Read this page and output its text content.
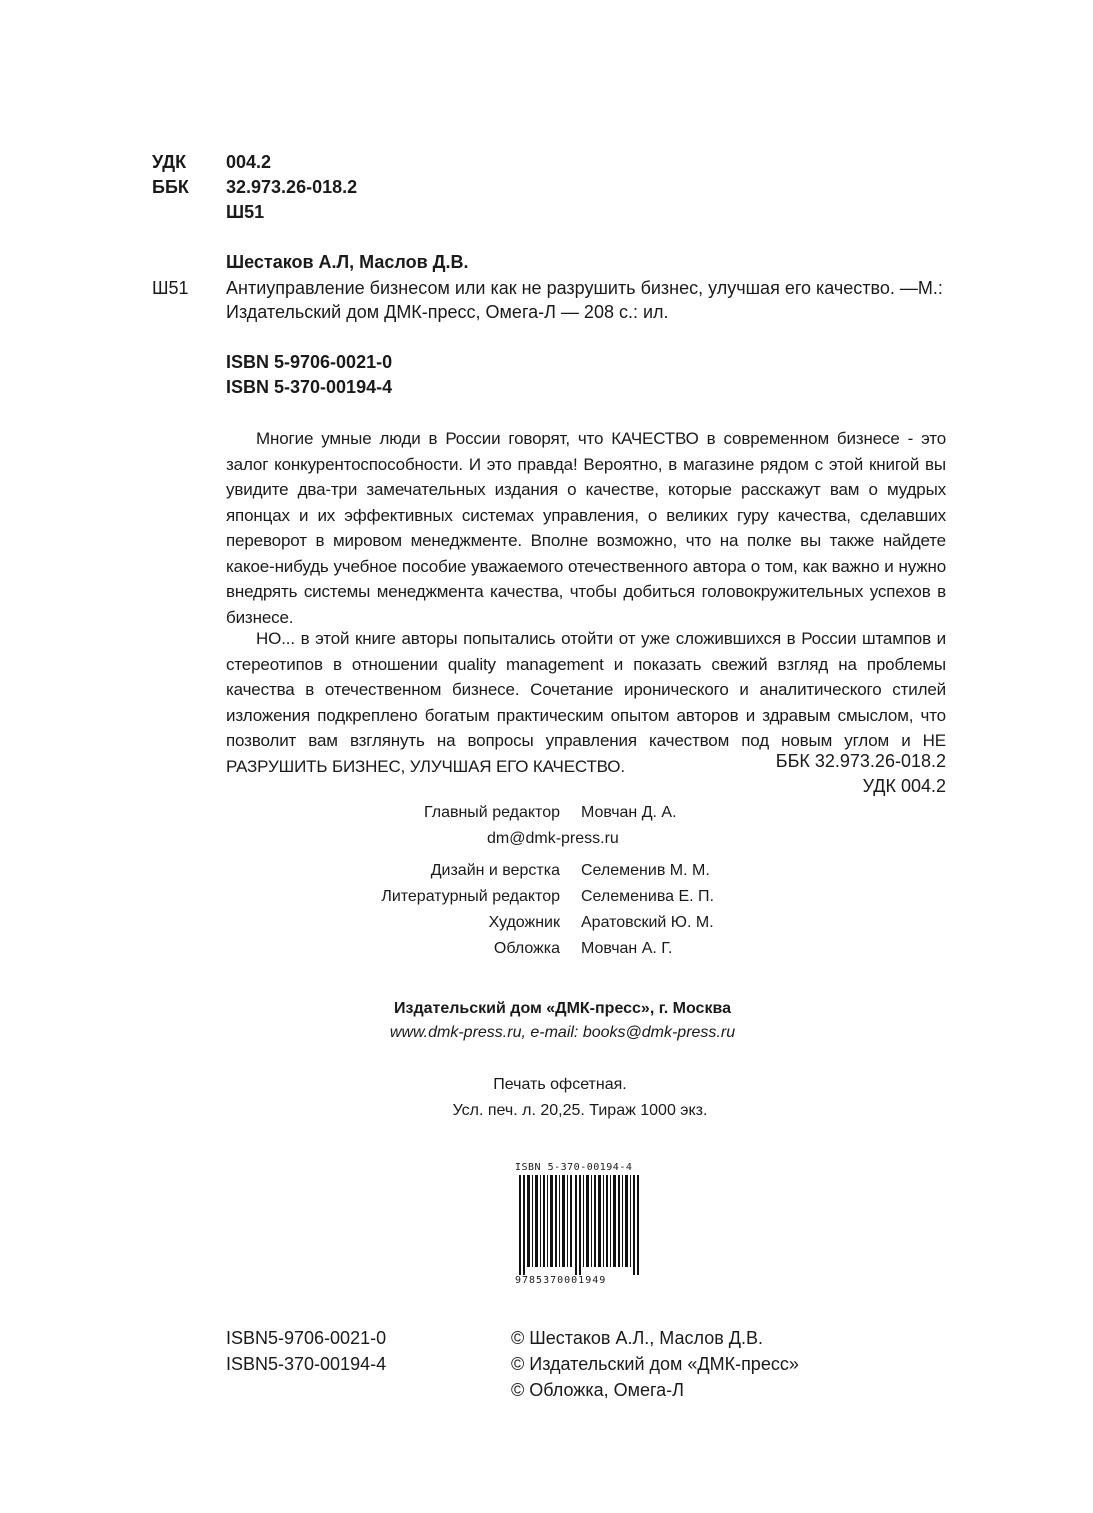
УДК 004.2
ББК 32.973.26-018.2
Ш51
Шестаков А.Л, Маслов Д.В.
Ш51 Антиуправление бизнесом или как не разрушить бизнес, улучшая его качество. —М.:
Издательский дом ДМК-пресс, Омега-Л — 208 с.: ил.
ISBN 5-9706-0021-0
ISBN 5-370-00194-4
Многие умные люди в России говорят, что КАЧЕСТВО в современном бизнесе - это залог конкурентоспособности. И это правда! Вероятно, в магазине рядом с этой книгой вы увидите два-три замечательных издания о качестве, которые расскажут вам о мудрых японцах и их эффективных системах управления, о великих гуру качества, сделавших переворот в мировом менеджменте. Вполне возможно, что на полке вы также найдете какое-нибудь учебное пособие уважаемого отечественного автора о том, как важно и нужно внедрять системы менеджмента качества, чтобы добиться головокружительных успехов в бизнесе.
НО... в этой книге авторы попытались отойти от уже сложившихся в России штампов и стереотипов в отношении quality management и показать свежий взгляд на проблемы качества в отечественном бизнесе. Сочетание иронического и аналитического стилей изложения подкреплено богатым практическим опытом авторов и здравым смыслом, что позволит вам взглянуть на вопросы управления качеством под новым углом и НЕ РАЗРУШИТЬ БИЗНЕС, УЛУЧШАЯ ЕГО КАЧЕСТВО.	ББК 32.973.26-018.2
УДК 004.2
Главный редактор Мовчан Д. А.
dm@dmk-press.ru
Дизайн и верстка Селеменив М. М.
Литературный редактор Селеменива Е. П.
Художник Аратовский Ю. М.
Обложка Мовчан А. Г.
Издательский дом «ДМК-пресс», г. Москва
www.dmk-press.ru, e-mail: books@dmk-press.ru
Печать офсетная.
Усл. печ. л. 20,25. Тираж 1000 экз.
ISBN 5-370-00194-4
9785370001949
ISBN 5-9706-0021-0
ISBN 5-370-00194-4
© Шестаков А.Л., Маслов Д.В.
© Издательский дом «ДМК-пресс»
© Обложка, Омега-Л
